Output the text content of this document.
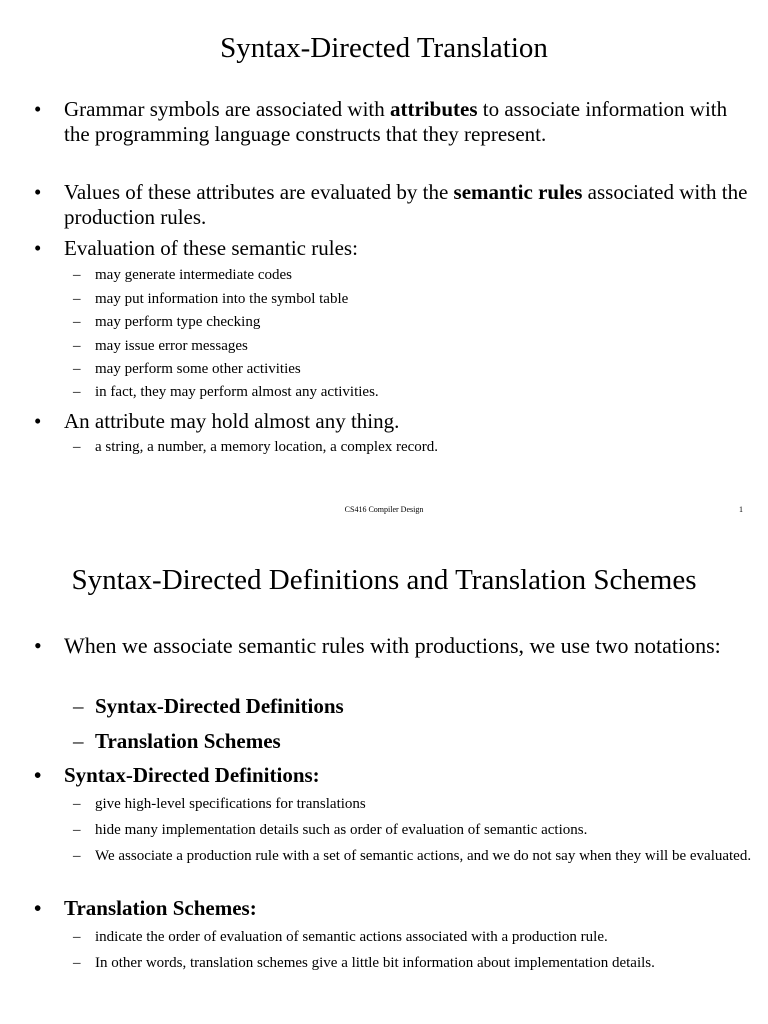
Syntax-Directed Translation
• Grammar symbols are associated with attributes to associate information with the programming language constructs that they represent.
• Values of these attributes are evaluated by the semantic rules associated with the production rules.
• Evaluation of these semantic rules:
– may generate intermediate codes
– may put information into the symbol table
– may perform type checking
– may issue error messages
– may perform some other activities
– in fact, they may perform almost any activities.
• An attribute may hold almost any thing.
– a string, a number, a memory location, a complex record.
CS416 Compiler Design	1
Syntax-Directed Definitions and Translation Schemes
• When we associate semantic rules with productions, we use two notations:
– Syntax-Directed Definitions
– Translation Schemes
• Syntax-Directed Definitions:
– give high-level specifications for translations
– hide many implementation details such as order of evaluation of semantic actions.
– We associate a production rule with a set of semantic actions, and we do not say when they will be evaluated.
• Translation Schemes:
– indicate the order of evaluation of semantic actions associated with a production rule.
– In other words, translation schemes give a little bit information about implementation details.
